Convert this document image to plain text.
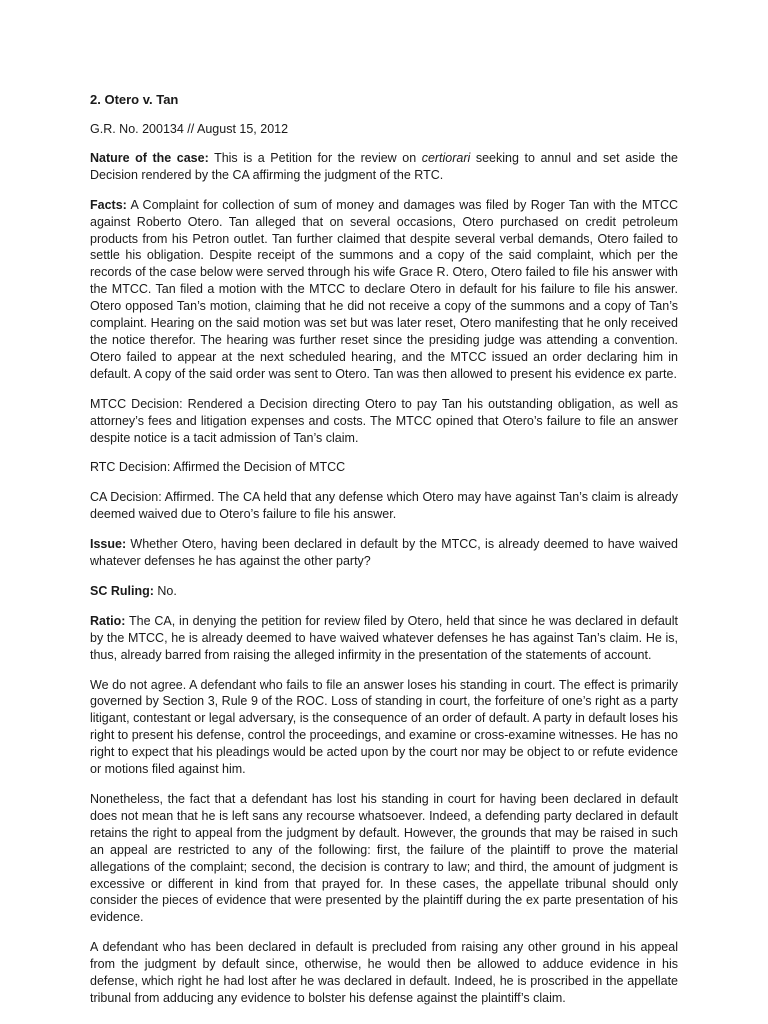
2. Otero v. Tan

G.R. No. 200134 // August 15, 2012

Nature of the case: This is a Petition for the review on certiorari seeking to annul and set aside the Decision rendered by the CA affirming the judgment of the RTC.

Facts: A Complaint for collection of sum of money and damages was filed by Roger Tan with the MTCC against Roberto Otero. Tan alleged that on several occasions, Otero purchased on credit petroleum products from his Petron outlet. Tan further claimed that despite several verbal demands, Otero failed to settle his obligation. Despite receipt of the summons and a copy of the said complaint, which per the records of the case below were served through his wife Grace R. Otero, Otero failed to file his answer with the MTCC. Tan filed a motion with the MTCC to declare Otero in default for his failure to file his answer. Otero opposed Tan’s motion, claiming that he did not receive a copy of the summons and a copy of Tan’s complaint. Hearing on the said motion was set but was later reset, Otero manifesting that he only received the notice therefor. The hearing was further reset since the presiding judge was attending a convention. Otero failed to appear at the next scheduled hearing, and the MTCC issued an order declaring him in default. A copy of the said order was sent to Otero. Tan was then allowed to present his evidence ex parte.

MTCC Decision: Rendered a Decision directing Otero to pay Tan his outstanding obligation, as well as attorney’s fees and litigation expenses and costs. The MTCC opined that Otero’s failure to file an answer despite notice is a tacit admission of Tan’s claim.

RTC Decision: Affirmed the Decision of MTCC

CA Decision: Affirmed. The CA held that any defense which Otero may have against Tan’s claim is already deemed waived due to Otero’s failure to file his answer.

Issue: Whether Otero, having been declared in default by the MTCC, is already deemed to have waived whatever defenses he has against the other party?

SC Ruling: No.

Ratio: The CA, in denying the petition for review filed by Otero, held that since he was declared in default by the MTCC, he is already deemed to have waived whatever defenses he has against Tan’s claim. He is, thus, already barred from raising the alleged infirmity in the presentation of the statements of account.

We do not agree. A defendant who fails to file an answer loses his standing in court. The effect is primarily governed by Section 3, Rule 9 of the ROC. Loss of standing in court, the forfeiture of one’s right as a party litigant, contestant or legal adversary, is the consequence of an order of default. A party in default loses his right to present his defense, control the proceedings, and examine or cross-examine witnesses. He has no right to expect that his pleadings would be acted upon by the court nor may be object to or refute evidence or motions filed against him.

Nonetheless, the fact that a defendant has lost his standing in court for having been declared in default does not mean that he is left sans any recourse whatsoever. Indeed, a defending party declared in default retains the right to appeal from the judgment by default. However, the grounds that may be raised in such an appeal are restricted to any of the following: first, the failure of the plaintiff to prove the material allegations of the complaint; second, the decision is contrary to law; and third, the amount of judgment is excessive or different in kind from that prayed for. In these cases, the appellate tribunal should only consider the pieces of evidence that were presented by the plaintiff during the ex parte presentation of his evidence.

A defendant who has been declared in default is precluded from raising any other ground in his appeal from the judgment by default since, otherwise, he would then be allowed to adduce evidence in his defense, which right he had lost after he was declared in default. Indeed, he is proscribed in the appellate tribunal from adducing any evidence to bolster his defense against the plaintiff’s claim.
